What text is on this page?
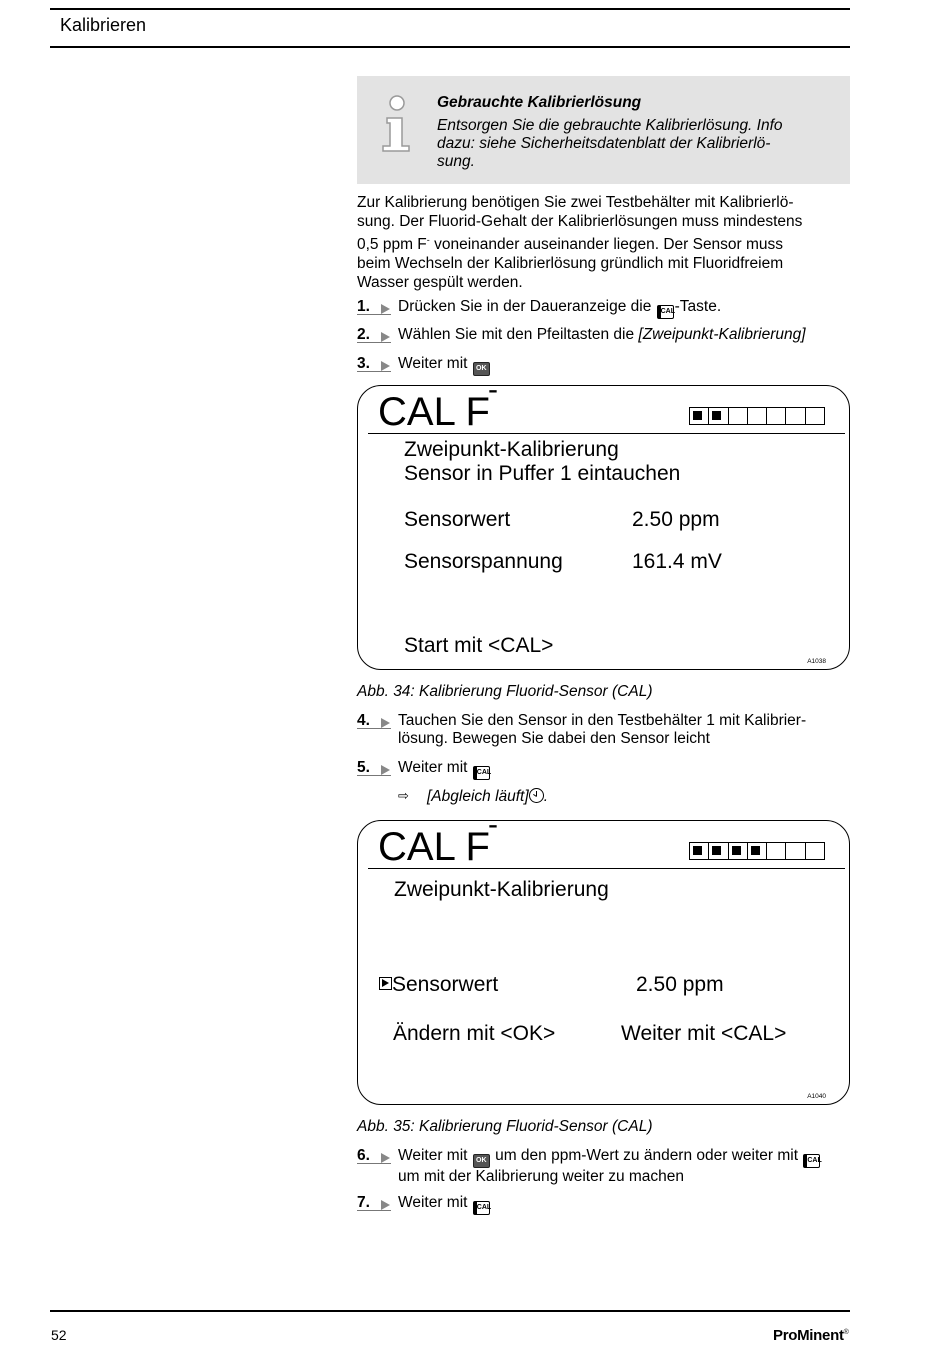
Kalibrieren
Gebrauchte Kalibrierlösung
Entsorgen Sie die gebrauchte Kalibrierlösung. Info
dazu: siehe Sicherheitsdatenblatt der Kalibrierlö-
sung.
Zur Kalibrierung benötigen Sie zwei Testbehälter mit Kalibrierlö-
sung. Der Fluorid-Gehalt der Kalibrierlösungen muss mindestens
0,5 ppm F- voneinander auseinander liegen. Der Sensor muss
beim Wechseln der Kalibrierlösung gründlich mit Fluoridfreiem
Wasser gespült werden.
1.	Drücken Sie in der Daueranzeige die CAL-Taste.
2.	Wählen Sie mit den Pfeiltasten die [Zweipunkt-Kalibrierung]
3.	Weiter mit OK
CAL F
-
Zweipunkt-Kalibrierung
Sensor in Puffer 1 eintauchen
Sensorwert	2.50 ppm
Sensorspannung	161.4 mV
Start mit <CAL>
A1038
Abb. 34: Kalibrierung Fluorid-Sensor (CAL)
4.	Tauchen Sie den Sensor in den Testbehälter 1 mit Kalibrier-
lösung. Bewegen Sie dabei den Sensor leicht
5.	Weiter mit CAL
⇨ [Abgleich läuft] .
CAL F
-
Zweipunkt-Kalibrierung
Sensorwert	2.50 ppm
Ändern mit <OK>	Weiter mit <CAL>
A1040
Abb. 35: Kalibrierung Fluorid-Sensor (CAL)
6.	Weiter mit OK um den ppm-Wert zu ändern oder weiter mit CAL
um mit der Kalibrierung weiter zu machen
7.	Weiter mit CAL
52	ProMinent®
